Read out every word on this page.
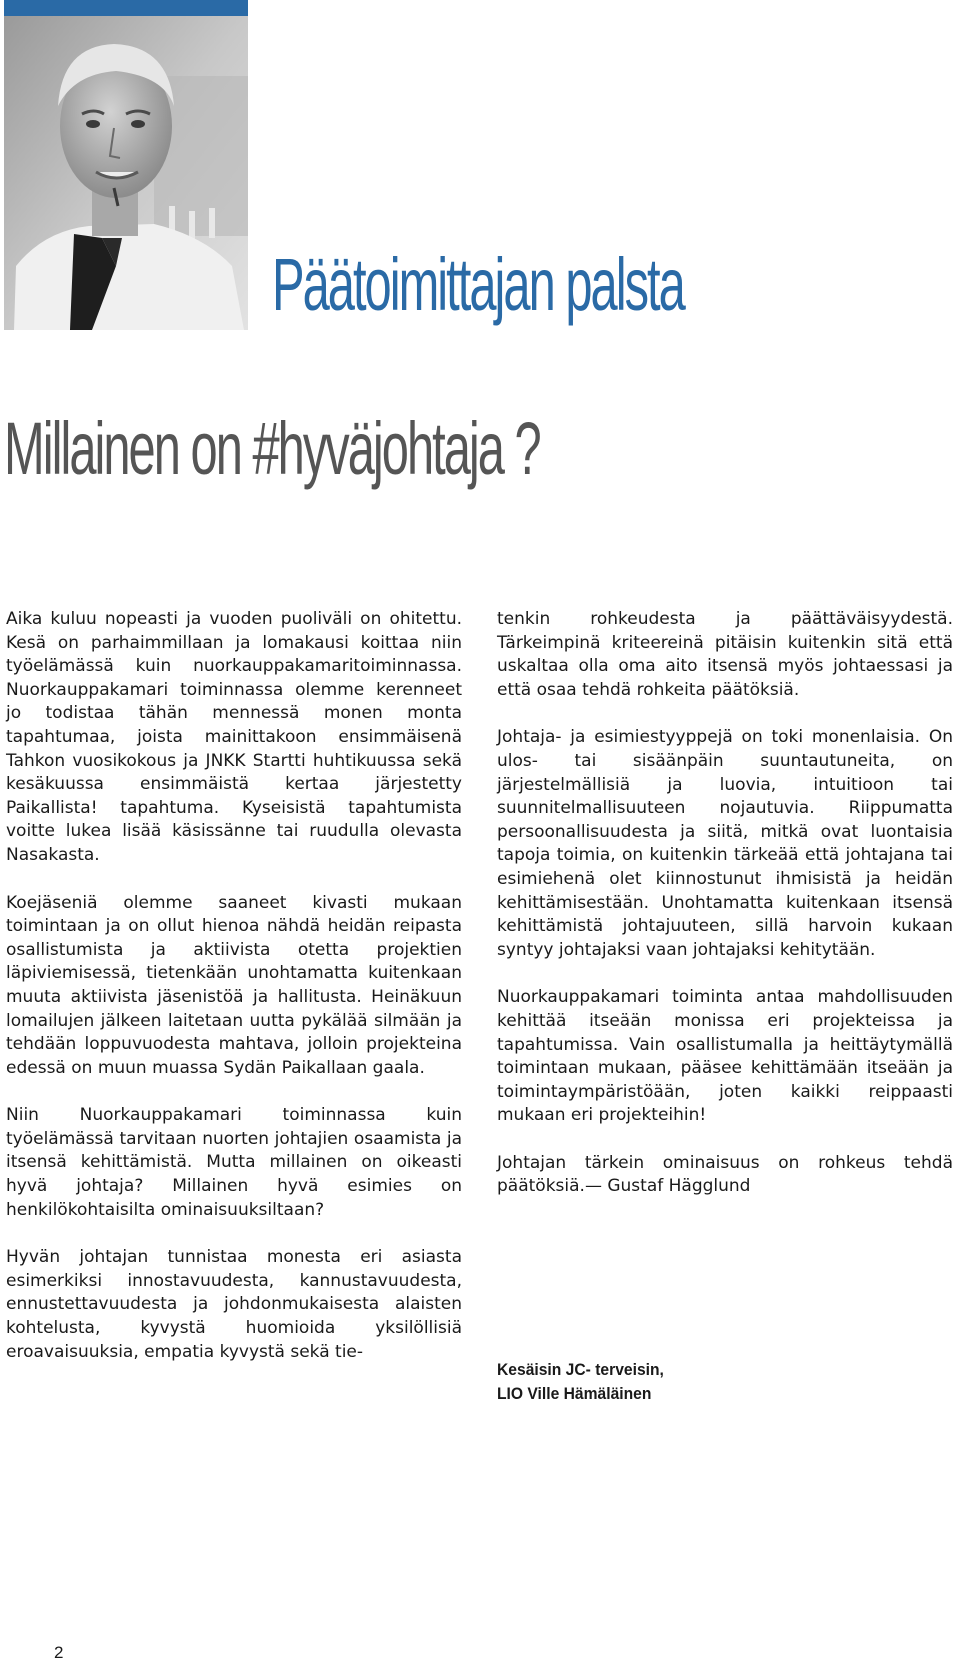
Päätoimittajan palsta
Millainen on #hyväjohtaja ?

Aika kuluu nopeasti ja vuoden puoliväli on ohitettu. Kesä on parhaimmillaan ja lomakausi koittaa niin työelämässä kuin nuorkauppakamaritoiminnassa. Nuorkauppakamari toiminnassa olemme kerenneet jo todistaa tähän mennessä monen monta tapahtumaa, joista mainittakoon ensimmäisenä Tahkon vuosikokous ja JNKK Startti huhtikuussa sekä kesäkuussa ensimmäistä kertaa järjestetty Paikallista! tapahtuma. Kyseisistä tapahtumista voitte lukea lisää käsissänne tai ruudulla olevasta Nasakasta.

Koejäseniä olemme saaneet kivasti mukaan toimintaan ja on ollut hienoa nähdä heidän reipasta osallistumista ja aktiivista otetta projektien läpiviemisessä, tietenkään unohtamatta kuitenkaan muuta aktiivista jäsenistöä ja hallitusta. Heinäkuun lomailujen jälkeen laitetaan uutta pykälää silmään ja tehdään loppuvuodesta mahtava, jolloin projekteina edessä on muun muassa Sydän Paikallaan gaala.

Niin Nuorkauppakamari toiminnassa kuin työelämässä tarvitaan nuorten johtajien osaamista ja itsensä kehittämistä. Mutta millainen on oikeasti hyvä johtaja? Millainen hyvä esimies on henkilökohtaisilta ominaisuuksiltaan?

Hyvän johtajan tunnistaa monesta eri asiasta esimerkiksi innostavuudesta, kannustavuudesta, ennustettavuudesta ja johdonmukaisesta alaisten kohtelusta, kyvystä huomioida yksilöllisiä eroavaisuuksia, empatia kyvystä sekä tie-

tenkin rohkeudesta ja päättäväisyydestä. Tärkeimpinä kriteereinä pitäisin kuitenkin sitä että uskaltaa olla oma aito itsensä myös johtaessasi ja että osaa tehdä rohkeita päätöksiä.

Johtaja- ja esimiestyyppejä on toki monenlaisia. On ulos- tai sisäänpäin suuntautuneita, on järjestelmällisiä ja luovia, intuitioon tai suunnitelmallisuuteen nojautuvia. Riippumatta persoonallisuudesta ja siitä, mitkä ovat luontaisia tapoja toimia, on kuitenkin tärkeää että johtajana tai esimiehenä olet kiinnostunut ihmisistä ja heidän kehittämisestään. Unohtamatta kuitenkaan itsensä kehittämistä johtajuuteen, sillä harvoin kukaan syntyy johtajaksi vaan johtajaksi kehitytään.

Nuorkauppakamari toiminta antaa mahdollisuuden kehittää itseään monissa eri projekteissa ja tapahtumissa. Vain osallistumalla ja heittäytymällä toimintaan mukaan, pääsee kehittämään itseään ja toimintaympäristöään, joten kaikki reippaasti mukaan eri projekteihin!

Johtajan tärkein ominaisuus on rohkeus tehdä päätöksiä.— Gustaf Hägglund

Kesäisin JC- terveisin,
LIO Ville Hämäläinen
2
